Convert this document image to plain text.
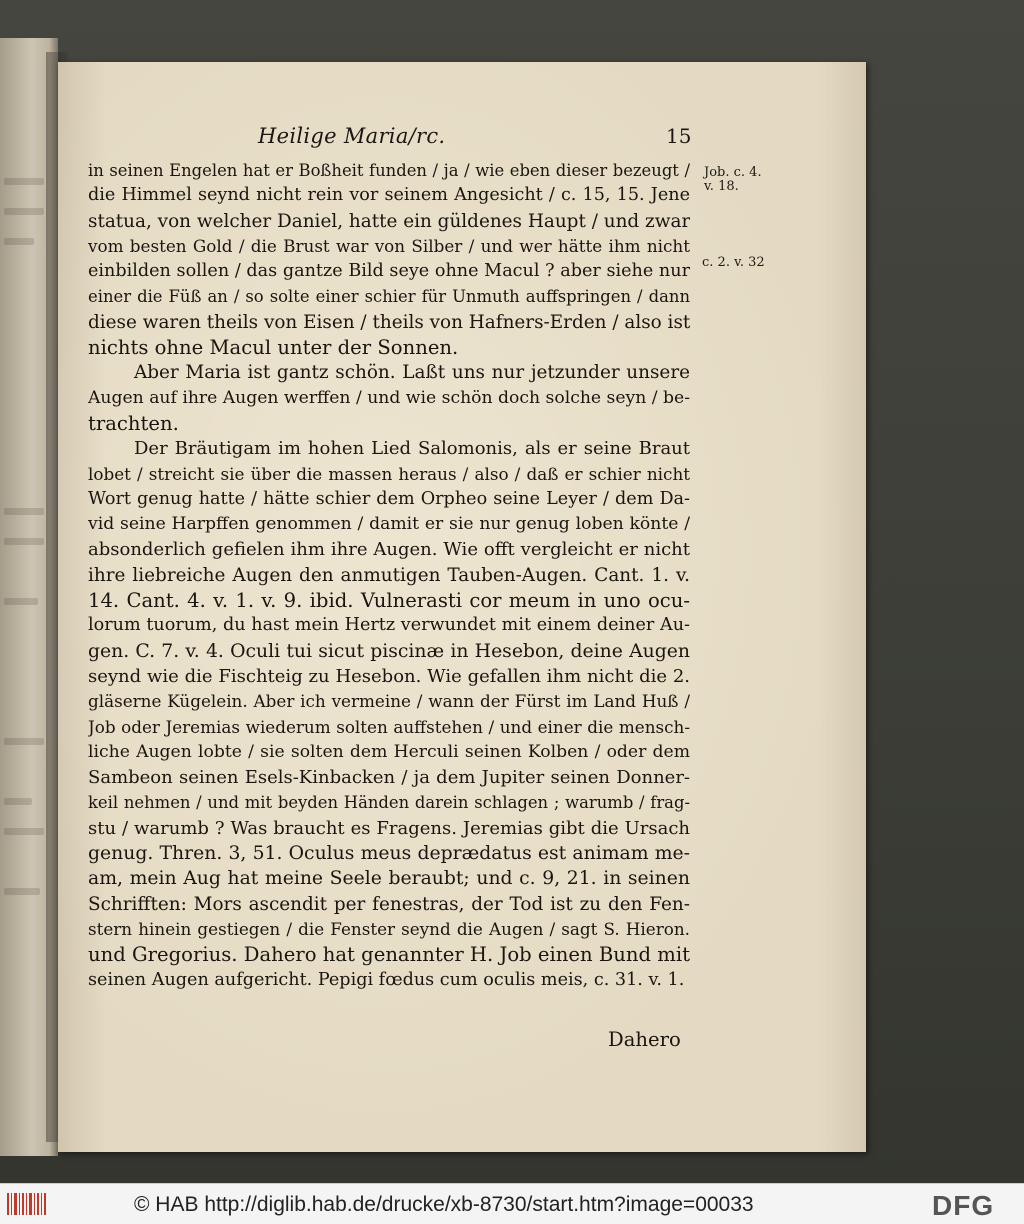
Heilige Maria/rc.	15
in seinen Engelen hat er Boßheit funden / ja / wie eben dieser bezeugt /
die Himmel seynd nicht rein vor seinem Angesicht / c. 15, 15. Jene
statua, von welcher Daniel, hatte ein güldenes Haupt / und zwar
vom besten Gold / die Brust war von Silber / und wer hätte ihm nicht
einbilden sollen / das gantze Bild seye ohne Macul ? aber siehe nur
einer die Füß an / so solte einer schier für Unmuth auffspringen / dann
diese waren theils von Eisen / theils von Hafners-Erden / also ist
nichts ohne Macul unter der Sonnen.
Aber Maria ist gantz schön. Laßt uns nur jetzunder unsere
Augen auf ihre Augen werffen / und wie schön doch solche seyn / be-
trachten.
Der Bräutigam im hohen Lied Salomonis, als er seine Braut
lobet / streicht sie über die massen heraus / also / daß er schier nicht
Wort genug hatte / hätte schier dem Orpheo seine Leyer / dem Da-
vid seine Harpffen genommen / damit er sie nur genug loben könte /
absonderlich gefielen ihm ihre Augen. Wie offt vergleicht er nicht
ihre liebreiche Augen den anmutigen Tauben-Augen. Cant. 1. v.
14. Cant. 4. v. 1. v. 9. ibid. Vulnerasti cor meum in uno ocu-
lorum tuorum, du hast mein Hertz verwundet mit einem deiner Au-
gen. C. 7. v. 4. Oculi tui sicut piscinæ in Hesebon, deine Augen
seynd wie die Fischteig zu Hesebon. Wie gefallen ihm nicht die 2.
gläserne Kügelein. Aber ich vermeine / wann der Fürst im Land Huß /
Job oder Jeremias wiederum solten auffstehen / und einer die mensch-
liche Augen lobte / sie solten dem Herculi seinen Kolben / oder dem
Sambeon seinen Esels-Kinbacken / ja dem Jupiter seinen Donner-
keil nehmen / und mit beyden Händen darein schlagen ; warumb / frag-
stu / warumb ? Was braucht es Fragens. Jeremias gibt die Ursach
genug. Thren. 3, 51. Oculus meus deprædatus est animam me-
am, mein Aug hat meine Seele beraubt; und c. 9, 21. in seinen
Schrifften: Mors ascendit per fenestras, der Tod ist zu den Fen-
stern hinein gestiegen / die Fenster seynd die Augen / sagt S. Hieron.
und Gregorius. Dahero hat genannter H. Job einen Bund mit
seinen Augen aufgericht. Pepigi fœdus cum oculis meis, c. 31. v. 1.
Job. c. 4.
v. 18.
c. 2. v. 32
Dahero
© HAB http://diglib.hab.de/drucke/xb-8730/start.htm?image=00033	DFG
